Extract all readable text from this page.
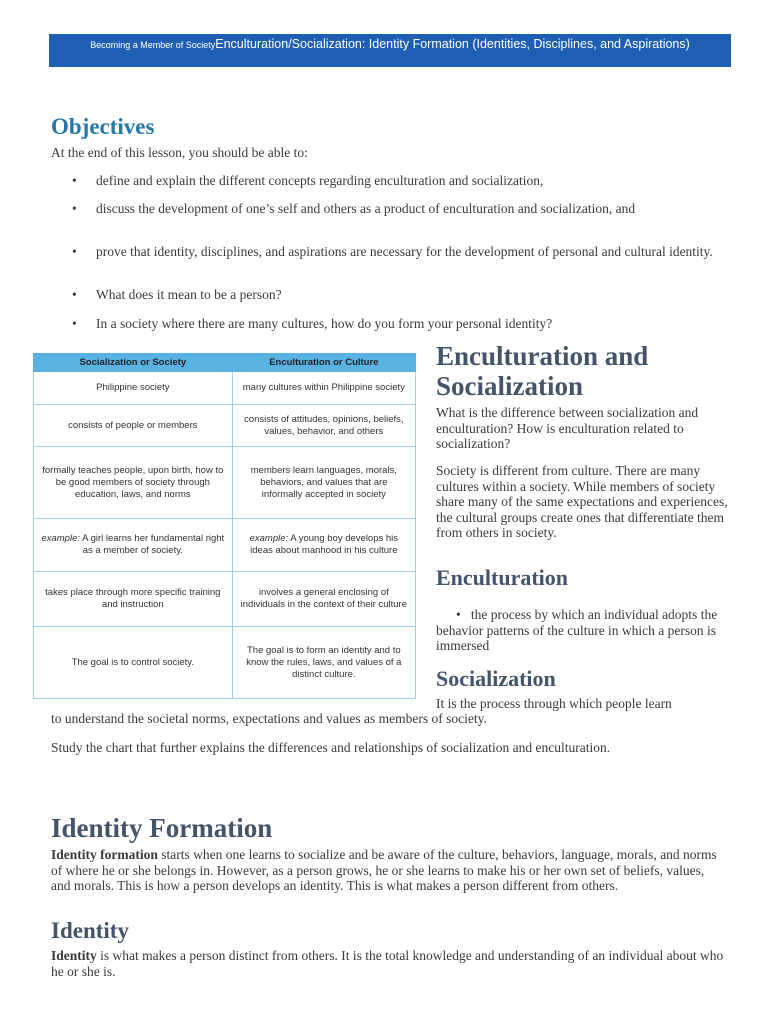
Becoming a Member of SocietyEnculturation/Socialization: Identity Formation (Identities, Disciplines, and Aspirations)
Objectives

At the end of this lesson, you should be able to:

• define and explain the different concepts regarding enculturation and socialization,
• discuss the development of one’s self and others as a product of enculturation and socialization, and
• prove that identity, disciplines, and aspirations are necessary for the development of personal and cultural identity.
• What does it mean to be a person?
• In a society where there are many cultures, how do you form your personal identity?
Socialization or Society	Enculturation or Culture
Philippine society	many cultures within Philippine society
consists of people or members	consists of attitudes, opinions, beliefs, values, behavior, and others
formally teaches people, upon birth, how to be good members of society through education, laws, and norms	members learn languages, morals, behaviors, and values that are informally accepted in society
example: A girl learns her fundamental right as a member of society.	example: A young boy develops his ideas about manhood in his culture
takes place through more specific training and instruction	involves a general enclosing of individuals in the context of their culture
The goal is to control society.	The goal is to form an identity and to know the rules, laws, and values of a distinct culture.
Enculturation and
Socialization

What is the difference between socialization and enculturation? How is enculturation related to socialization?

Society is different from culture. There are many cultures within a society. While members of society share many of the same expectations and experiences, the cultural groups create ones that differentiate them from others in society.

Enculturation

•   the process by which an individual adopts the behavior patterns of the culture in which a person is immersed

Socialization

It is the process through which people learn

to understand the societal norms, expectations and values as members of society.

Study the chart that further explains the differences and relationships of socialization and enculturation.

Identity Formation

Identity formation starts when one learns to socialize and be aware of the culture, behaviors, language, morals, and norms of where he or she belongs in. However, as a person grows, he or she learns to make his or her own set of beliefs, values, and morals. This is how a person develops an identity. This is what makes a person different from others.

Identity

Identity is what makes a person distinct from others. It is the total knowledge and understanding of an individual about who he or she is.
